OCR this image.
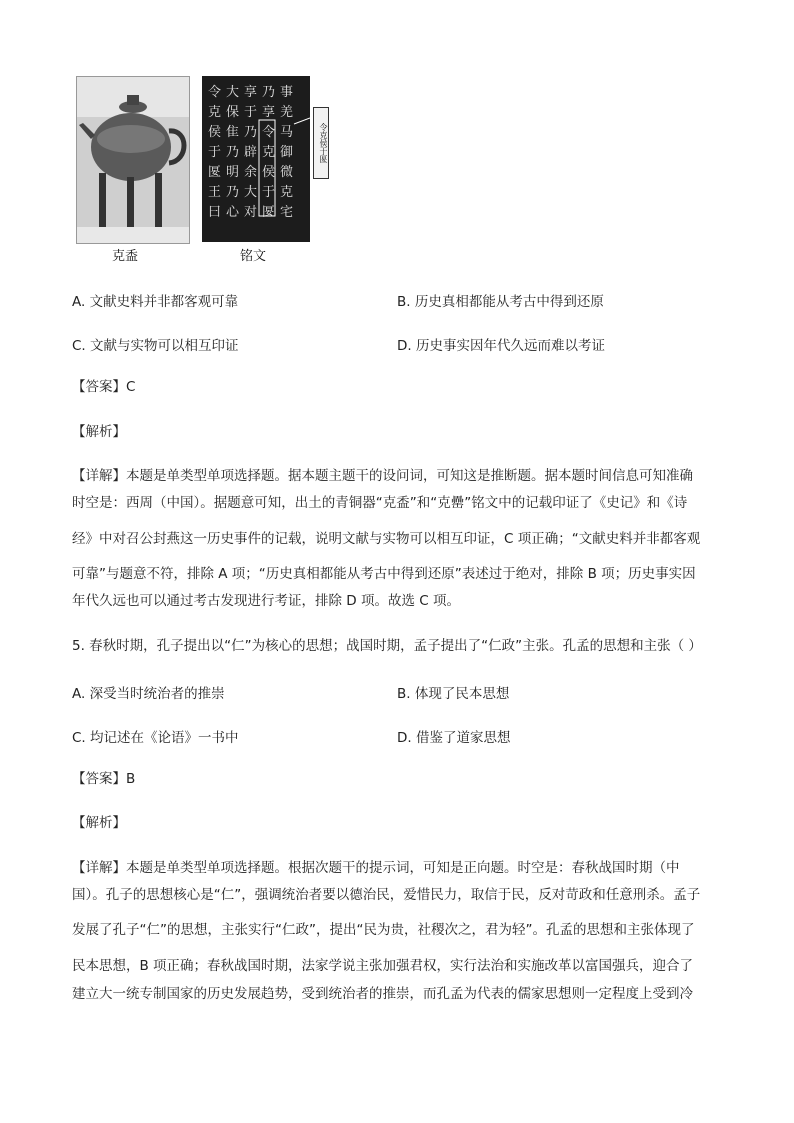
克盉
令
克
侯
于
匽
王
曰
大
保
隹
乃
明
乃
心
享
于
乃
辟
余
大
对
乃
享
令
克
侯
于
匽
事
羌
马
御
微
克
宅
令克侯于匽
铭文
A. 文献史料并非都客观可靠	B. 历史真相都能从考古中得到还原
C. 文献与实物可以相互印证	D. 历史事实因年代久远而难以考证
【答案】C
【解析】
【详解】本题是单类型单项选择题。据本题主题干的设问词，可知这是推断题。据本题时间信息可知准确
时空是：西周（中国）。据题意可知，出土的青铜器“克盉”和“克罍”铭文中的记载印证了《史记》和《诗
经》中对召公封燕这一历史事件的记载，说明文献与实物可以相互印证，C 项正确；“文献史料并非都客观
可靠”与题意不符，排除 A 项；“历史真相都能从考古中得到还原”表述过于绝对，排除 B 项；历史事实因
年代久远也可以通过考古发现进行考证，排除 D 项。故选 C 项。
5. 春秋时期，孔子提出以“仁”为核心的思想；战国时期，孟子提出了“仁政”主张。孔孟的思想和主张（ ）
A. 深受当时统治者的推崇	B. 体现了民本思想
C. 均记述在《论语》一书中	D. 借鉴了道家思想
【答案】B
【解析】
【详解】本题是单类型单项选择题。根据次题干的提示词，可知是正向题。时空是：春秋战国时期（中
国）。孔子的思想核心是“仁”，强调统治者要以德治民，爱惜民力，取信于民，反对苛政和任意刑杀。孟子
发展了孔子“仁”的思想，主张实行“仁政”，提出“民为贵，社稷次之，君为轻”。孔孟的思想和主张体现了
民本思想，B 项正确；春秋战国时期，法家学说主张加强君权，实行法治和实施改革以富国强兵，迎合了
建立大一统专制国家的历史发展趋势，受到统治者的推崇，而孔孟为代表的儒家思想则一定程度上受到冷
